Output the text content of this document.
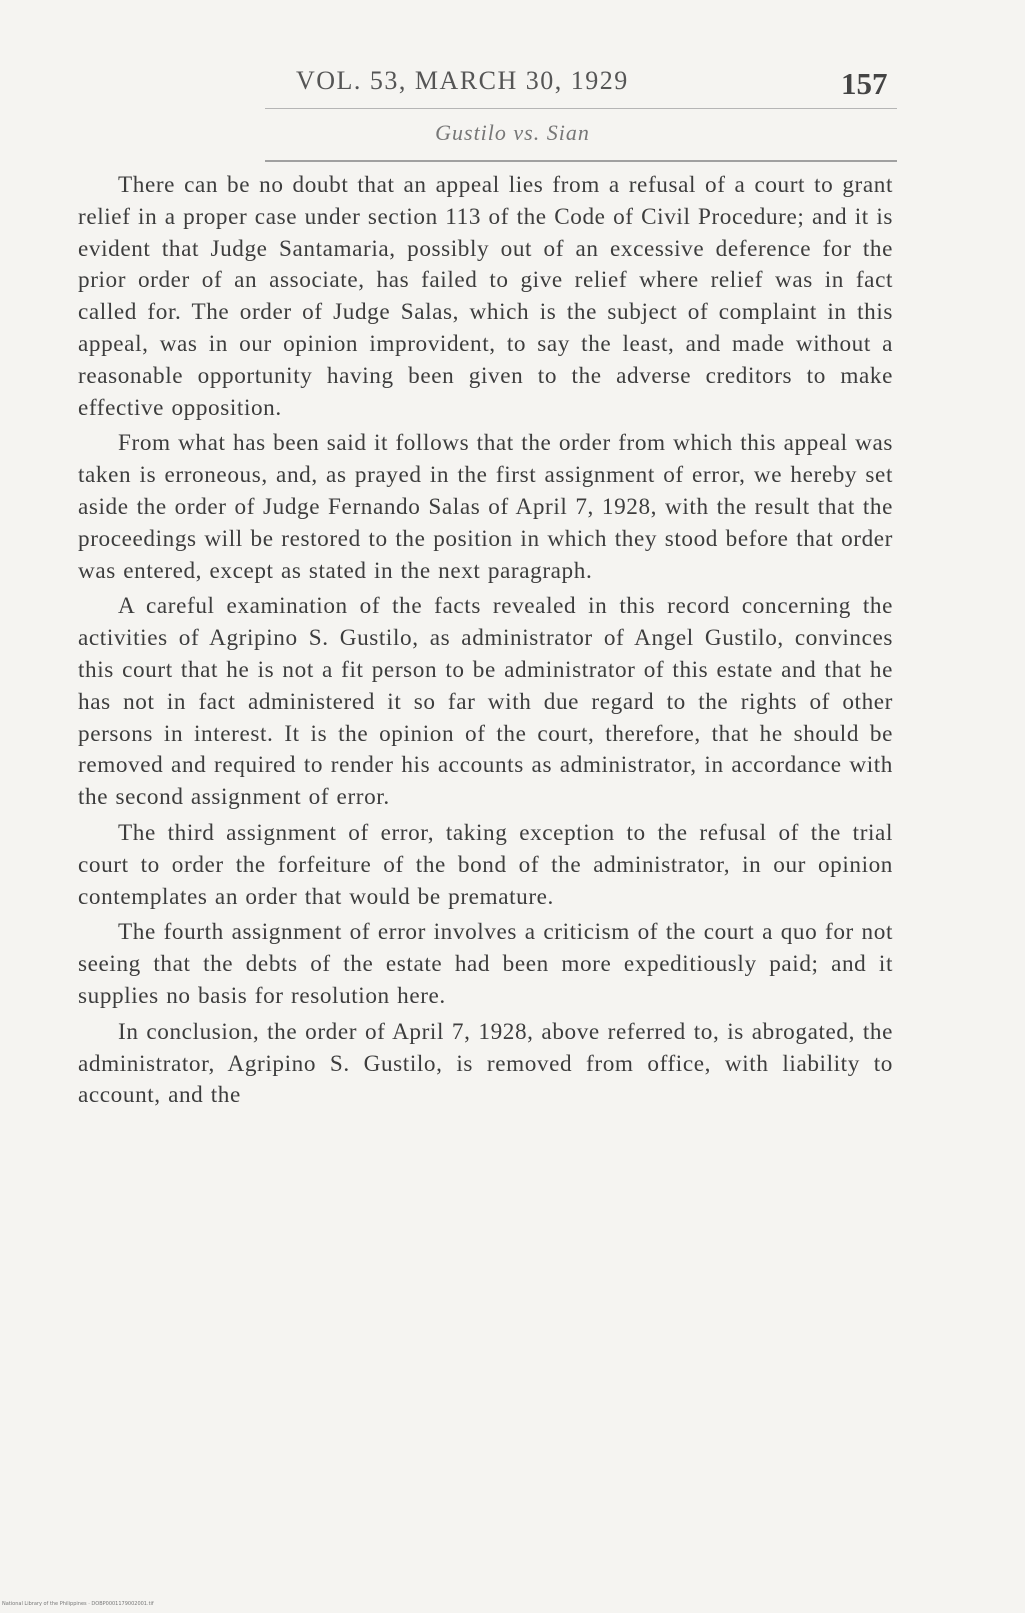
VOL. 53, MARCH 30, 1929	157
Gustilo vs. Sian

There can be no doubt that an appeal lies from a refusal of a court to grant relief in a proper case under section 113 of the Code of Civil Procedure; and it is evident that Judge Santamaria, possibly out of an excessive deference for the prior order of an associate, has failed to give relief where relief was in fact called for. The order of Judge Salas, which is the subject of complaint in this appeal, was in our opinion improvident, to say the least, and made without a reasonable opportunity having been given to the adverse creditors to make effective opposition.

From what has been said it follows that the order from which this appeal was taken is erroneous, and, as prayed in the first assignment of error, we hereby set aside the order of Judge Fernando Salas of April 7, 1928, with the result that the proceedings will be restored to the position in which they stood before that order was entered, except as stated in the next paragraph.

A careful examination of the facts revealed in this record concerning the activities of Agripino S. Gustilo, as administrator of Angel Gustilo, convinces this court that he is not a fit person to be administrator of this estate and that he has not in fact administered it so far with due regard to the rights of other persons in interest. It is the opinion of the court, therefore, that he should be removed and required to render his accounts as administrator, in accordance with the second assignment of error.

The third assignment of error, taking exception to the refusal of the trial court to order the forfeiture of the bond of the administrator, in our opinion contemplates an order that would be premature.

The fourth assignment of error involves a criticism of the court a quo for not seeing that the debts of the estate had been more expeditiously paid; and it supplies no basis for resolution here.

In conclusion, the order of April 7, 1928, above referred to, is abrogated, the administrator, Agripino S. Gustilo, is removed from office, with liability to account, and the

National Library of the Philippines · DOBP0001179002001.tif
